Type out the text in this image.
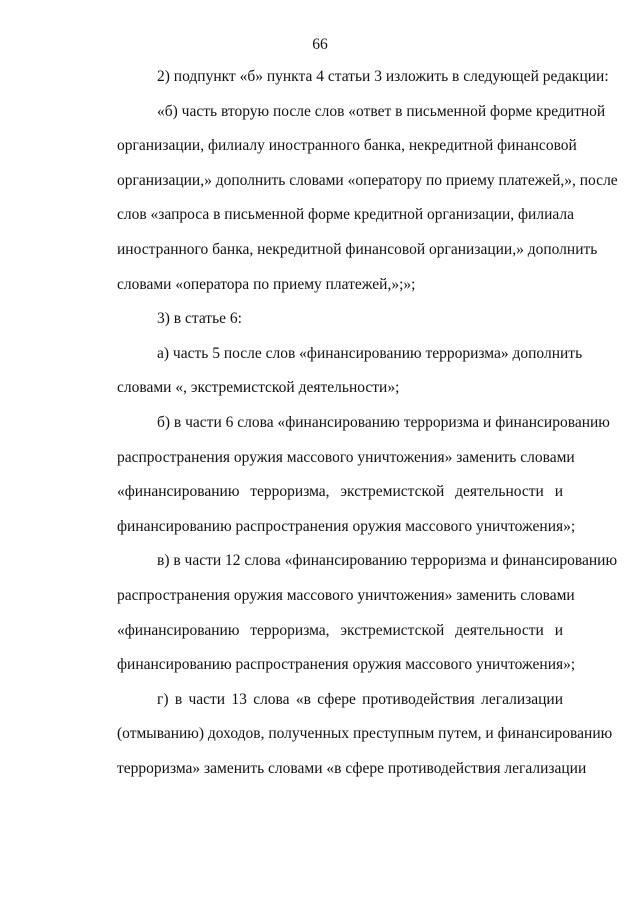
66
2) подпункт «б» пункта 4 статьи 3 изложить в следующей редакции:
«б) часть вторую после слов «ответ в письменной форме кредитной
организации, филиалу иностранного банка, некредитной финансовой
организации,» дополнить словами «оператору по приему платежей,», после
слов «запроса в письменной форме кредитной организации, филиала
иностранного банка, некредитной финансовой организации,» дополнить
словами «оператора по приему платежей,»;»;
3) в статье 6:
а) часть 5 после слов «финансированию терроризма» дополнить
словами «, экстремистской деятельности»;
б) в части 6 слова «финансированию терроризма и финансированию
распространения оружия массового уничтожения» заменить словами
«финансированию терроризма, экстремистской деятельности и
финансированию распространения оружия массового уничтожения»;
в) в части 12 слова «финансированию терроризма и финансированию
распространения оружия массового уничтожения» заменить словами
«финансированию терроризма, экстремистской деятельности и
финансированию распространения оружия массового уничтожения»;
г) в части 13 слова «в сфере противодействия легализации
(отмыванию) доходов, полученных преступным путем, и финансированию
терроризма» заменить словами «в сфере противодействия легализации
